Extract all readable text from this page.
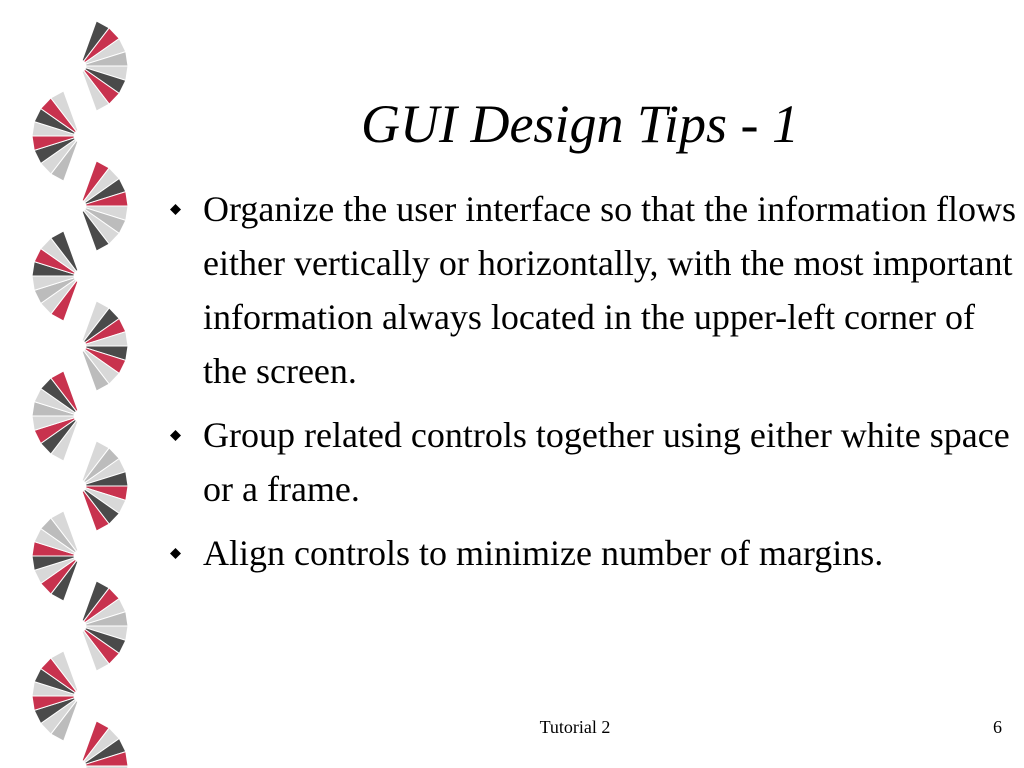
GUI Design Tips - 1
Organize the user interface so that the information flows either vertically or horizontally, with the most important information always located in the upper-left corner of the screen.
Group related controls together using either white space or a frame.
Align controls to minimize number of margins.
Tutorial 2	6
